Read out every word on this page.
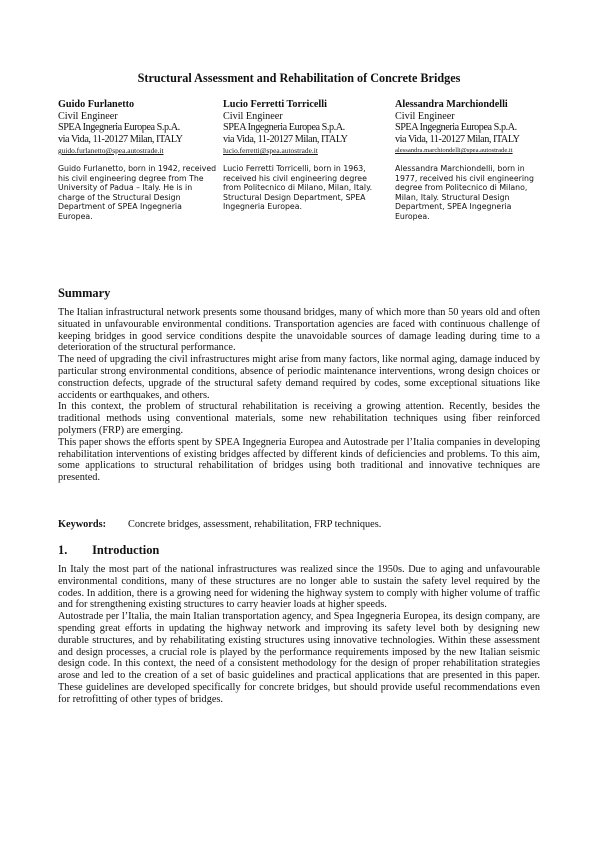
Structural Assessment and Rehabilitation of Concrete Bridges
Guido Furlanetto
Civil Engineer
SPEA Ingegneria Europea S.p.A.
via Vida, 11-20127 Milan, ITALY
guido.furlanetto@spea.autostrade.it
Guido Furlanetto, born in 1942, received his civil engineering degree from The University of Padua – Italy. He is in charge of the Structural Design Department of SPEA Ingegneria Europea.
Lucio Ferretti Torricelli
Civil Engineer
SPEA Ingegneria Europea S.p.A.
via Vida, 11-20127 Milan, ITALY
lucio.ferretti@spea.autostrade.it
Lucio Ferretti Torricelli, born in 1963, received his civil engineering degree from Politecnico di Milano, Milan, Italy. Structural Design Department, SPEA Ingegneria Europea.
Alessandra Marchiondelli
Civil Engineer
SPEA Ingegneria Europea S.p.A.
via Vida, 11-20127 Milan, ITALY
alessandra.marchiondelli@spea.autostrade.it
Alessandra Marchiondelli, born in 1977, received his civil engineering degree from Politecnico di Milano, Milan, Italy. Structural Design Department, SPEA Ingegneria Europea.
Summary

The Italian infrastructural network presents some thousand bridges, many of which more than 50 years old and often situated in unfavourable environmental conditions. Transportation agencies are faced with continuous challenge of keeping bridges in good service conditions despite the unavoidable sources of damage leading during time to a deterioration of the structural performance.

The need of upgrading the civil infrastructures might arise from many factors, like normal aging, damage induced by particular strong environmental conditions, absence of periodic maintenance interventions, wrong design choices or construction defects, upgrade of the structural safety demand required by codes, some exceptional situations like accidents or earthquakes, and others.

In this context, the problem of structural rehabilitation is receiving a growing attention. Recently, besides the traditional methods using conventional materials, some new rehabilitation techniques using fiber reinforced polymers (FRP) are emerging.

This paper shows the efforts spent by SPEA Ingegneria Europea and Autostrade per l’Italia companies in developing rehabilitation interventions of existing bridges affected by different kinds of deficiencies and problems. To this aim, some applications to structural rehabilitation of bridges using both traditional and innovative techniques are presented.

Keywords: Concrete bridges, assessment, rehabilitation, FRP techniques.
1.  Introduction

In Italy the most part of the national infrastructures was realized since the 1950s. Due to aging and unfavourable environmental conditions, many of these structures are no longer able to sustain the safety level required by the codes. In addition, there is a growing need for widening the highway system to comply with higher volume of traffic and for strengthening existing structures to carry heavier loads at higher speeds.

Autostrade per l’Italia, the main Italian transportation agency, and Spea Ingegneria Europea, its design company, are spending great efforts in updating the highway network and improving its safety level both by designing new durable structures, and by rehabilitating existing structures using innovative technologies. Within these assessment and design processes, a crucial role is played by the performance requirements imposed by the new Italian seismic design code. In this context, the need of a consistent methodology for the design of proper rehabilitation strategies arose and led to the creation of a set of basic guidelines and practical applications that are presented in this paper. These guidelines are developed specifically for concrete bridges, but should provide useful recommendations even for retrofitting of other types of bridges.
